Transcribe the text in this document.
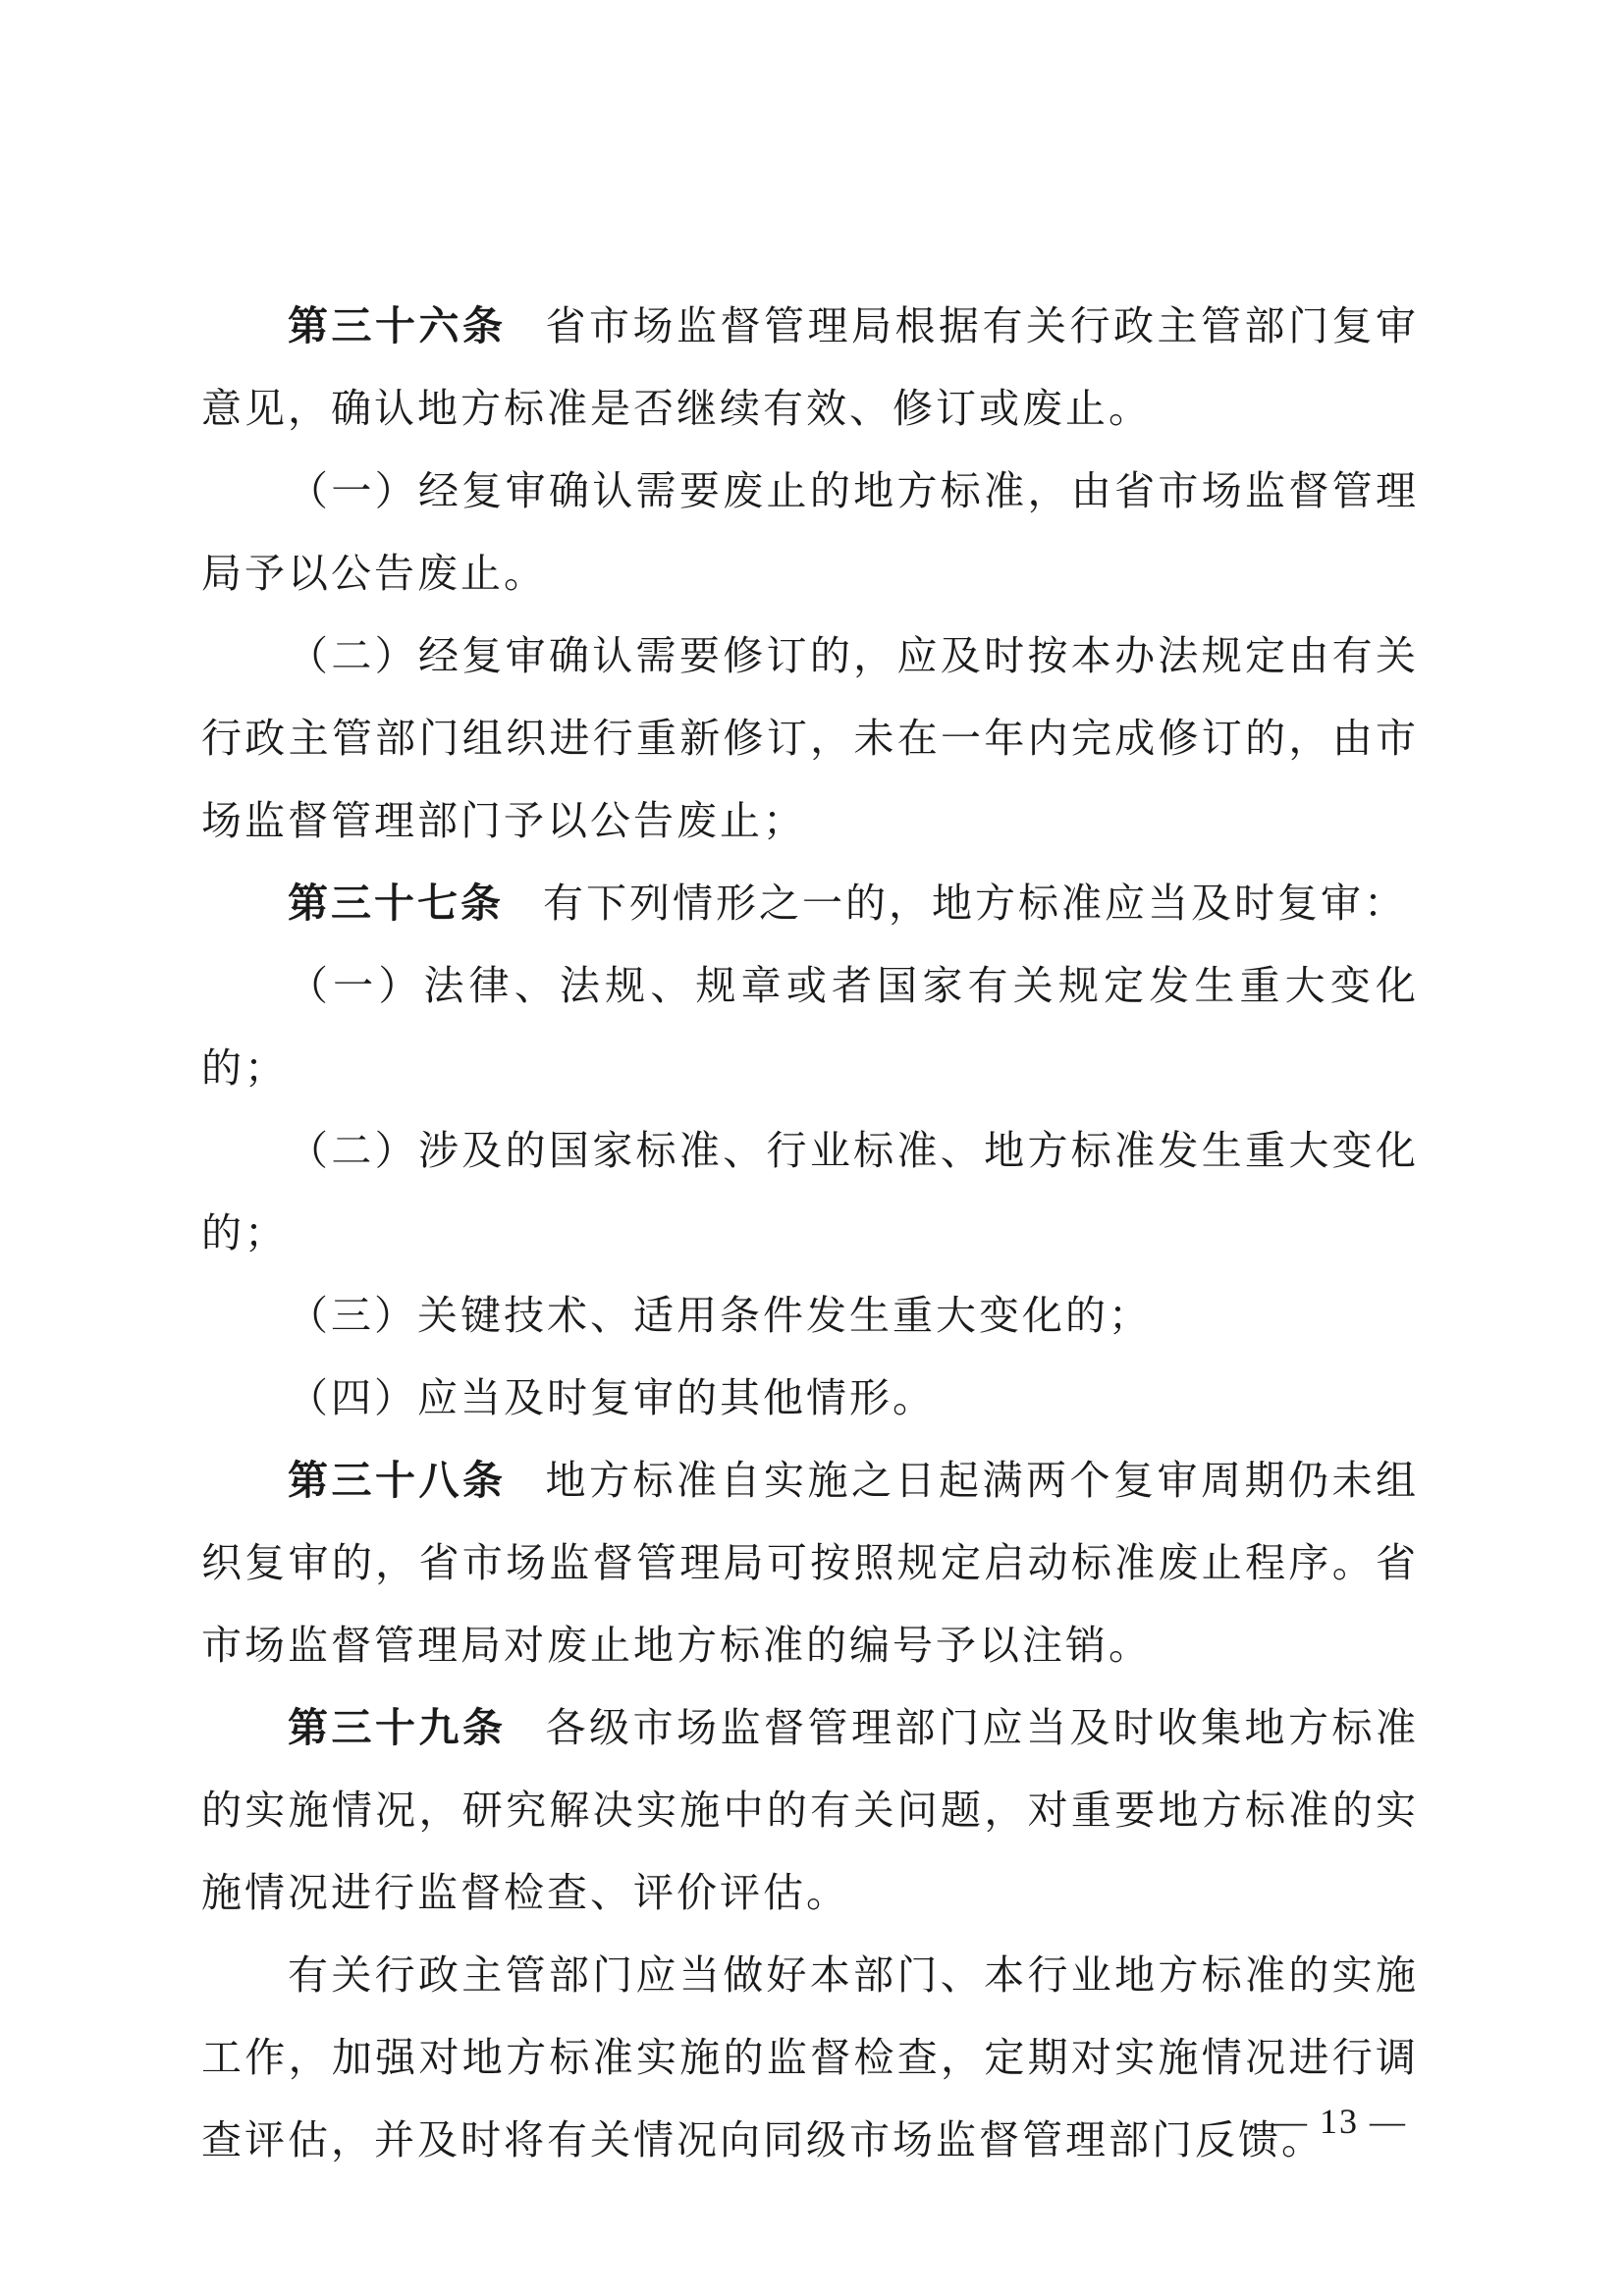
第三十六条 省市场监督管理局根据有关行政主管部门复审意见，确认地方标准是否继续有效、修订或废止。

（一）经复审确认需要废止的地方标准，由省市场监督管理局予以公告废止。

（二）经复审确认需要修订的，应及时按本办法规定由有关行政主管部门组织进行重新修订，未在一年内完成修订的，由市场监督管理部门予以公告废止；

第三十七条 有下列情形之一的，地方标准应当及时复审：

（一）法律、法规、规章或者国家有关规定发生重大变化的；

（二）涉及的国家标准、行业标准、地方标准发生重大变化的；

（三）关键技术、适用条件发生重大变化的；

（四）应当及时复审的其他情形。

第三十八条 地方标准自实施之日起满两个复审周期仍未组织复审的，省市场监督管理局可按照规定启动标准废止程序。省市场监督管理局对废止地方标准的编号予以注销。

第三十九条 各级市场监督管理部门应当及时收集地方标准的实施情况，研究解决实施中的有关问题，对重要地方标准的实施情况进行监督检查、评价评估。

有关行政主管部门应当做好本部门、本行业地方标准的实施工作，加强对地方标准实施的监督检查，定期对实施情况进行调查评估，并及时将有关情况向同级市场监督管理部门反馈。

— 13 —
